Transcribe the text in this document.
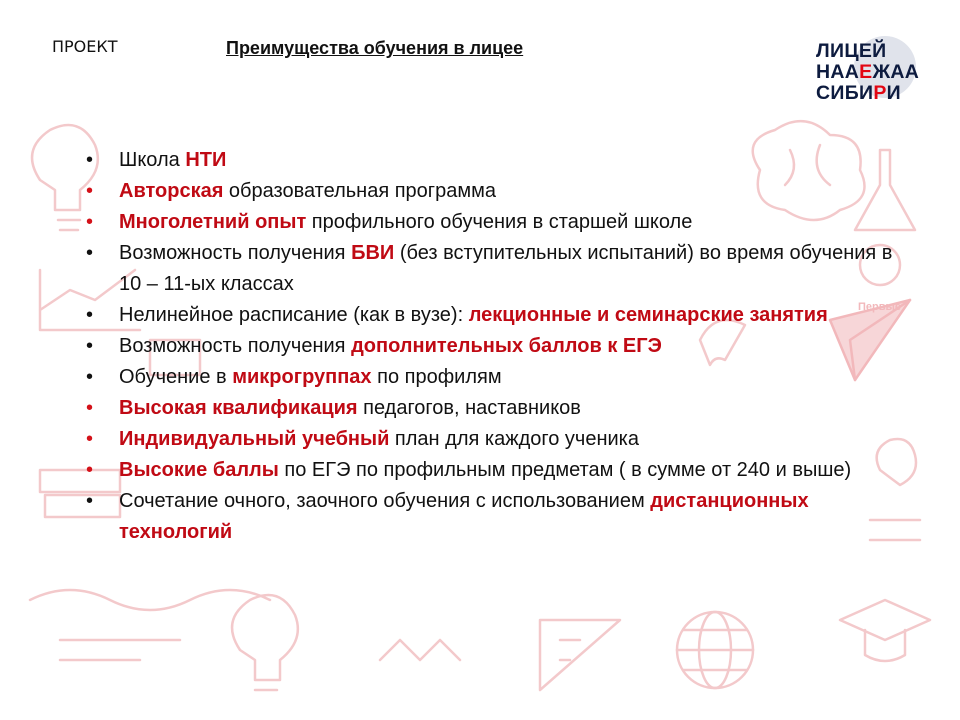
Первые
ПРОЕКТ	Преимущества обучения в лицее	ЛИЦЕЙ
НААЕЖАА
СИБИРИ
• Школа НТИ
• Авторская образовательная программа
• Многолетний опыт профильного обучения в старшей школе
• Возможность получения БВИ (без вступительных испытаний) во время обучения в 10 – 11-ых классах
• Нелинейное расписание (как в вузе): лекционные и семинарские занятия
• Возможность получения дополнительных баллов к ЕГЭ
• Обучение в микрогруппах по профилям
• Высокая квалификация педагогов, наставников
• Индивидуальный учебный план для каждого ученика
• Высокие баллы по ЕГЭ по профильным предметам ( в сумме от 240 и выше)
• Сочетание очного, заочного обучения с использованием дистанционных технологий
